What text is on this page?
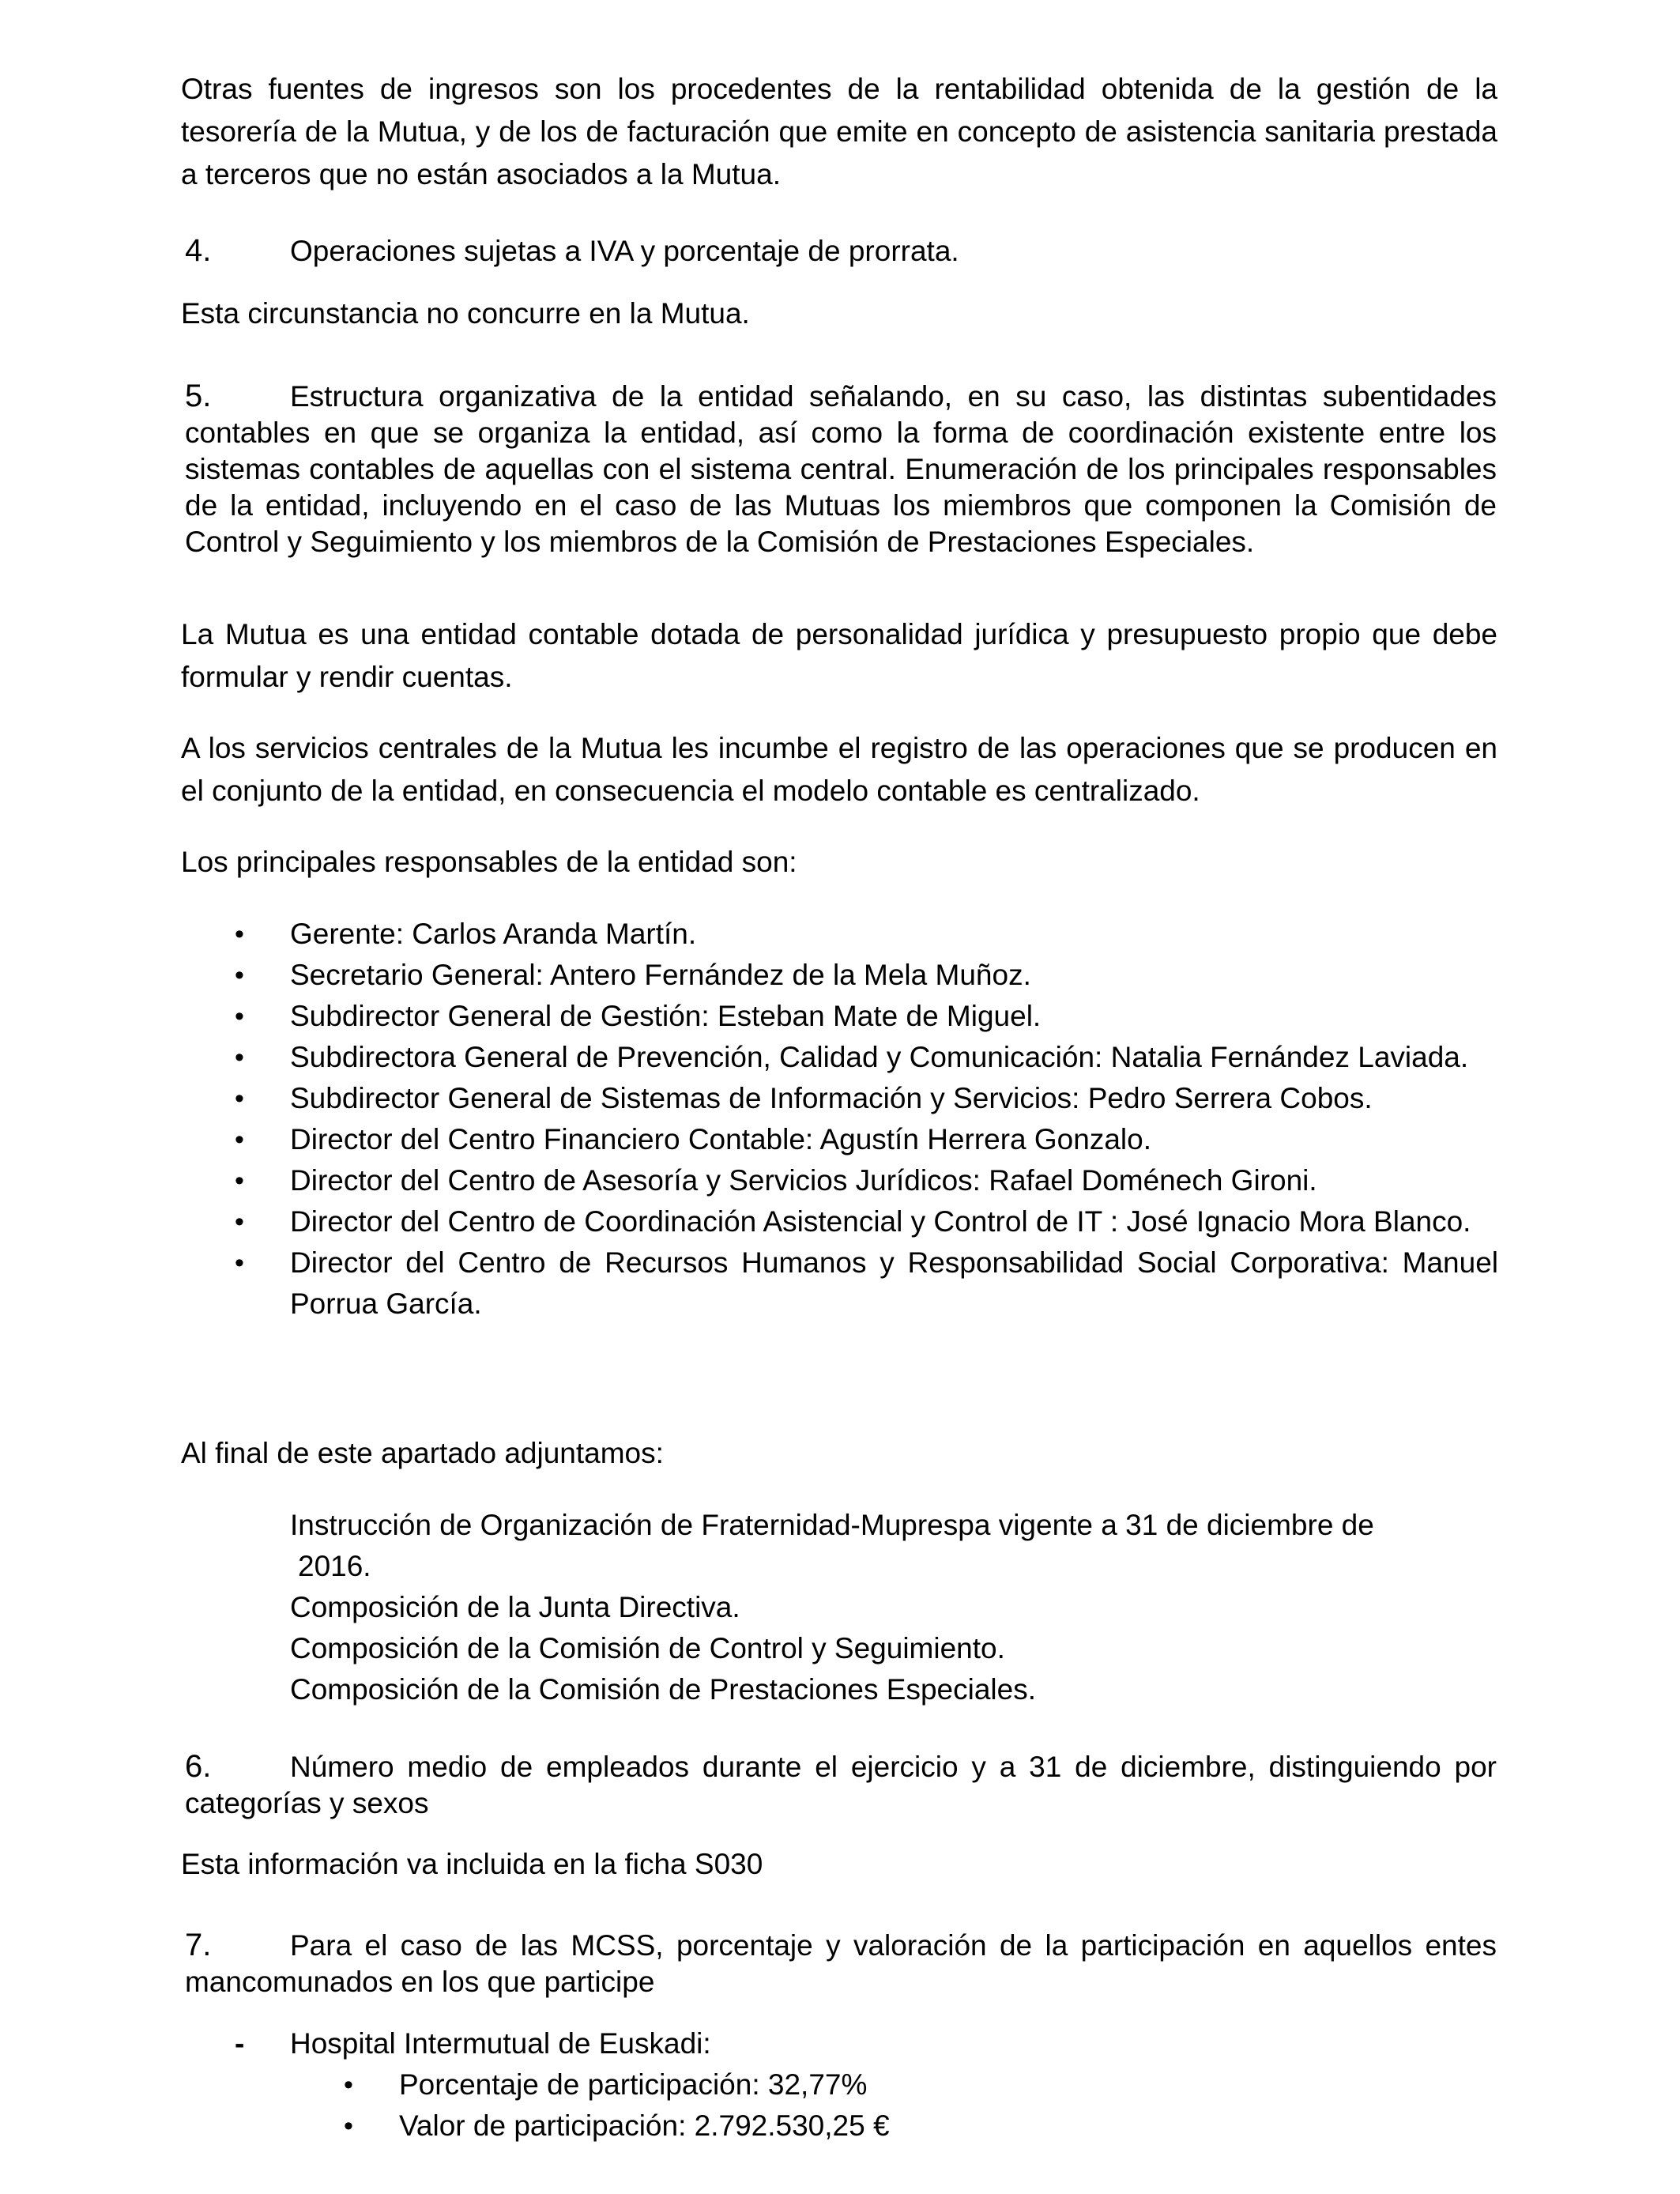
Otras fuentes de ingresos son los procedentes de la rentabilidad obtenida de la gestión de la tesorería de la Mutua, y de los de facturación que emite en concepto de asistencia sanitaria prestada a terceros que no están asociados a la Mutua.

4.	Operaciones sujetas a IVA y porcentaje de prorrata.

Esta circunstancia no concurre en la Mutua.

5.	Estructura organizativa de la entidad señalando, en su caso, las distintas subentidades contables en que se organiza la entidad, así como la forma de coordinación existente entre los sistemas contables de aquellas con el sistema central. Enumeración de los principales responsables de la entidad, incluyendo en el caso de las Mutuas los miembros que componen la Comisión de Control y Seguimiento y los miembros de la Comisión de Prestaciones Especiales.

La Mutua es una entidad contable dotada de personalidad jurídica y presupuesto propio que debe formular y rendir cuentas.

A los servicios centrales de la Mutua les incumbe el registro de las operaciones que se producen en el conjunto de la entidad, en consecuencia el modelo contable es centralizado.

Los principales responsables de la entidad son:

•	Gerente: Carlos Aranda Martín.
•	Secretario General: Antero Fernández de la Mela Muñoz.
•	Subdirector General de Gestión: Esteban Mate de Miguel.
•	Subdirectora General de Prevención, Calidad y Comunicación: Natalia Fernández Laviada.
•	Subdirector General de Sistemas de Información y Servicios: Pedro Serrera Cobos.
•	Director del Centro Financiero Contable: Agustín Herrera Gonzalo.
•	Director del Centro de Asesoría y Servicios Jurídicos: Rafael Doménech Gironi.
•	Director del Centro de Coordinación Asistencial y Control de IT : José Ignacio Mora Blanco.
•	Director del Centro de Recursos Humanos y Responsabilidad Social Corporativa: Manuel Porrua García.

Al final de este apartado adjuntamos:

Instrucción de Organización de Fraternidad-Muprespa vigente a 31 de diciembre de
2016.
Composición de la Junta Directiva.
Composición de la Comisión de Control y Seguimiento.
Composición de la Comisión de Prestaciones Especiales.

6.	Número medio de empleados durante el ejercicio y a 31 de diciembre, distinguiendo por categorías y sexos

Esta información va incluida en la ficha S030

7.	Para el caso de las MCSS, porcentaje y valoración de la participación en aquellos entes mancomunados en los que participe

-	Hospital Intermutual de Euskadi:
•	Porcentaje de participación: 32,77%
•	Valor de participación: 2.792.530,25 €
